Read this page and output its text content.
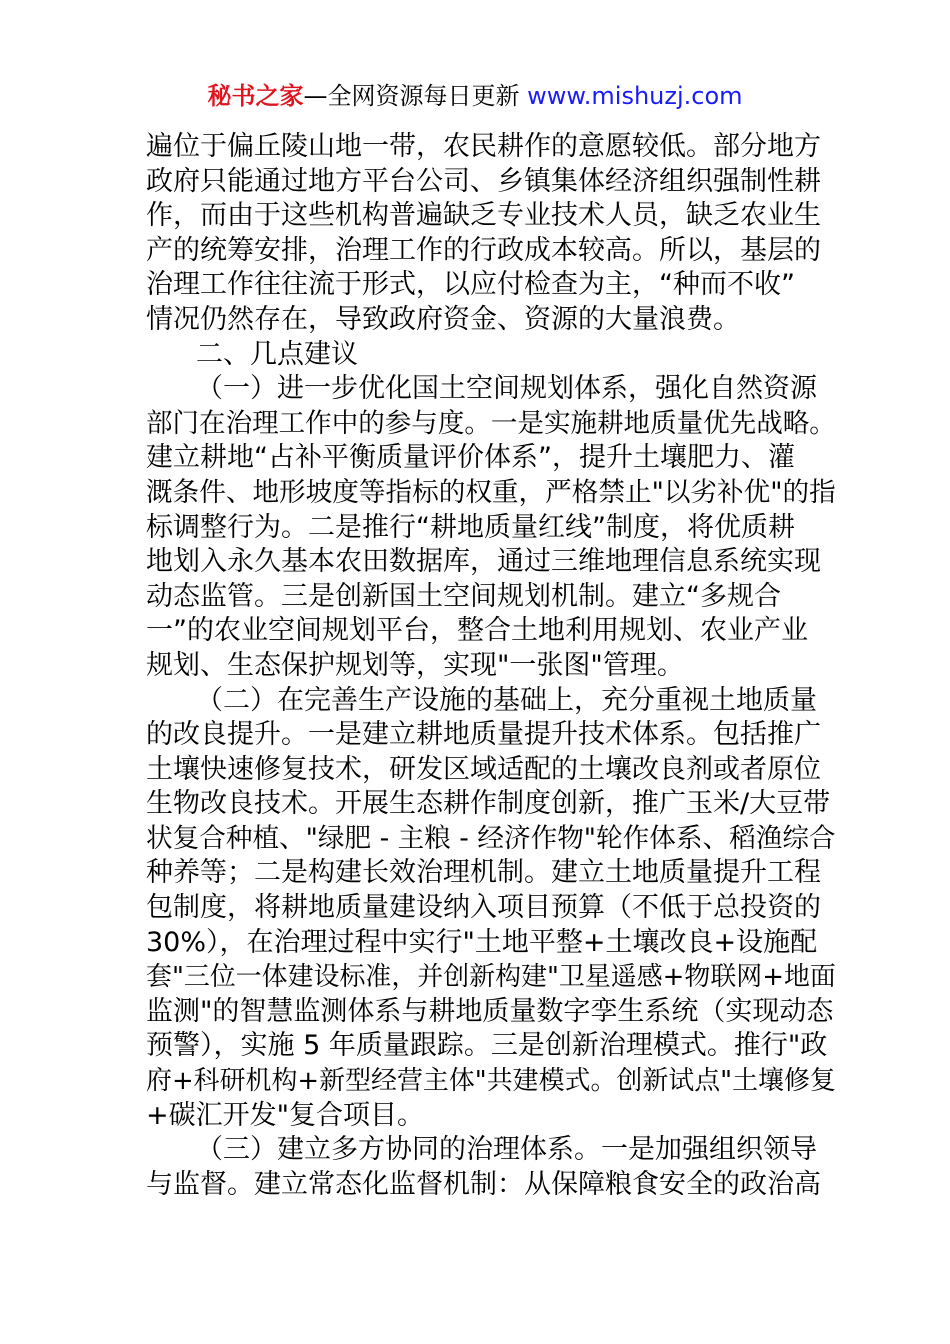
秘书之家—全网资源每日更新 www.mishuzj.com
遍位于偏丘陵山地一带，农民耕作的意愿较低。部分地方
政府只能通过地方平台公司、乡镇集体经济组织强制性耕
作，而由于这些机构普遍缺乏专业技术人员，缺乏农业生
产的统筹安排，治理工作的行政成本较高。所以，基层的
治理工作往往流于形式，以应付检查为主，“种而不收”
情况仍然存在，导致政府资金、资源的大量浪费。
二、几点建议
（一）进一步优化国土空间规划体系，强化自然资源
部门在治理工作中的参与度。一是实施耕地质量优先战略。
建立耕地“占补平衡质量评价体系”，提升土壤肥力、灌
溉条件、地形坡度等指标的权重，严格禁止"以劣补优"的指
标调整行为。二是推行“耕地质量红线”制度，将优质耕
地划入永久基本农田数据库，通过三维地理信息系统实现
动态监管。三是创新国土空间规划机制。建立“多规合
一”的农业空间规划平台，整合土地利用规划、农业产业
规划、生态保护规划等，实现"一张图"管理。
（二）在完善生产设施的基础上，充分重视土地质量
的改良提升。一是建立耕地质量提升技术体系。包括推广
土壤快速修复技术，研发区域适配的土壤改良剂或者原位
生物改良技术。开展生态耕作制度创新，推广玉米/大豆带
状复合种植、"绿肥 - 主粮 - 经济作物"轮作体系、稻渔综合
种养等；二是构建长效治理机制。建立土地质量提升工程
包制度，将耕地质量建设纳入项目预算（不低于总投资的
30%），在治理过程中实行"土地平整+土壤改良+设施配
套"三位一体建设标准，并创新构建"卫星遥感+物联网+地面
监测"的智慧监测体系与耕地质量数字孪生系统（实现动态
预警），实施 5 年质量跟踪。三是创新治理模式。推行"政
府+科研机构+新型经营主体"共建模式。创新试点"土壤修复
+碳汇开发"复合项目。
（三）建立多方协同的治理体系。一是加强组织领导
与监督。建立常态化监督机制：从保障粮食安全的政治高
